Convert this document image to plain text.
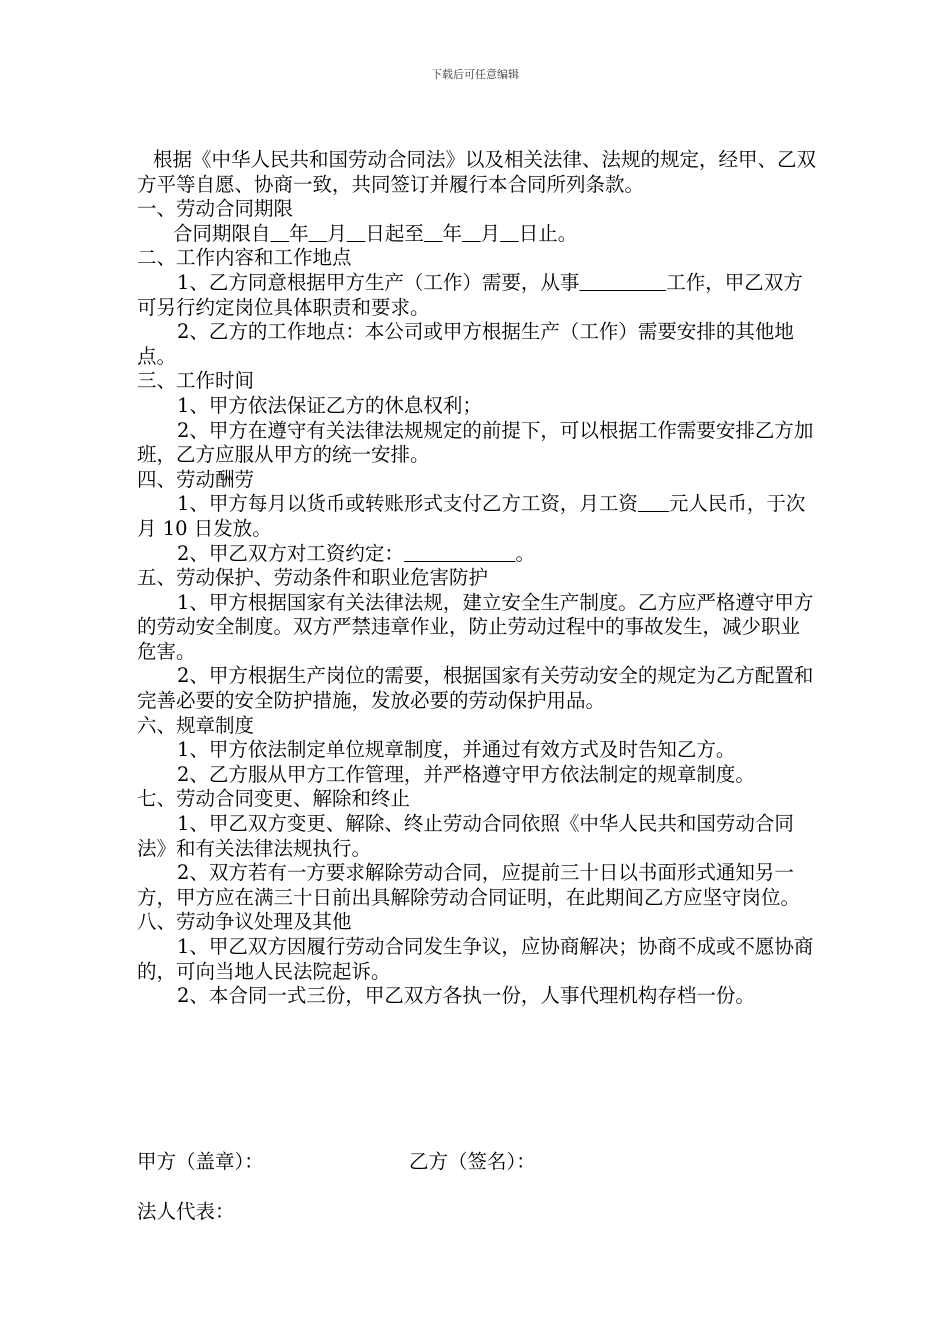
下载后可任意编辑

根据《中华人民共和国劳动合同法》以及相关法律、法规的规定，经甲、乙双方平等自愿、协商一致，共同签订并履行本合同所列条款。

一、劳动合同期限

合同期限自 年 月 日起至 年 月 日止。

二、工作内容和工作地点

1、乙方同意根据甲方生产（工作）需要，从事	工作，甲乙双方可另行约定岗位具体职责和要求。

2、乙方的工作地点：本公司或甲方根据生产（工作）需要安排的其他地点。

三、工作时间

1、甲方依法保证乙方的休息权利；

2、甲方在遵守有关法律法规规定的前提下，可以根据工作需要安排乙方加班，乙方应服从甲方的统一安排。

四、劳动酬劳

1、甲方每月以货币或转账形式支付乙方工资，月工资 元人民币，于次月 10 日发放。

2、甲乙双方对工资约定：	。

五、劳动保护、劳动条件和职业危害防护

1、甲方根据国家有关法律法规，建立安全生产制度。乙方应严格遵守甲方的劳动安全制度。双方严禁违章作业，防止劳动过程中的事故发生，减少职业危害。

2、甲方根据生产岗位的需要，根据国家有关劳动安全的规定为乙方配置和完善必要的安全防护措施，发放必要的劳动保护用品。

六、规章制度

1、甲方依法制定单位规章制度，并通过有效方式及时告知乙方。

2、乙方服从甲方工作管理，并严格遵守甲方依法制定的规章制度。

七、劳动合同变更、解除和终止

1、甲乙双方变更、解除、终止劳动合同依照《中华人民共和国劳动合同法》和有关法律法规执行。

2、双方若有一方要求解除劳动合同，应提前三十日以书面形式通知另一方，甲方应在满三十日前出具解除劳动合同证明，在此期间乙方应坚守岗位。

八、劳动争议处理及其他

1、甲乙双方因履行劳动合同发生争议，应协商解决；协商不成或不愿协商的，可向当地人民法院起诉。

2、本合同一式三份，甲乙双方各执一份，人事代理机构存档一份。

甲方（盖章）：	乙方（签名）：
法人代表：
